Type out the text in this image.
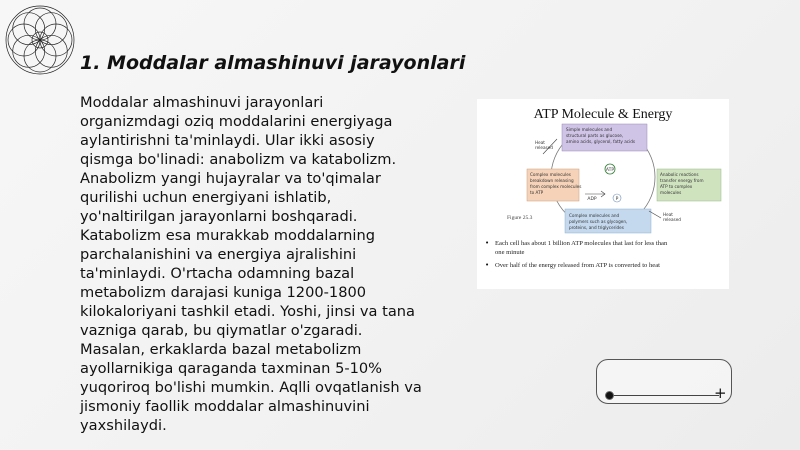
1. Moddalar almashinuvi jarayonlari
Moddalar almashinuvi jarayonlari organizmdagi oziq moddalarini energiyaga aylantirishni ta'minlaydi. Ular ikki asosiy qismga bo'linadi: anabolizm va katabolizm. Anabolizm yangi hujayralar va to'qimalar qurilishi uchun energiyani ishlatib, yo'naltirilgan jarayonlarni boshqaradi. Katabolizm esa murakkab moddalarning parchalanishini va energiya ajralishini ta'minlaydi. O'rtacha odamning bazal metabolizm darajasi kuniga 1200-1800 kilokaloriyani tashkil etadi. Yoshi, jinsi va tana vazniga qarab, bu qiymatlar o'zgaradi. Masalan, erkaklarda bazal metabolizm ayollarnikiga qaraganda taxminan 5-10% yuqoriroq bo'lishi mumkin. Aqlli ovqatlanish va jismoniy faollik moddalar almashinuvini yaxshilaydi.
ATP Molecule & Energy
Simple molecules and structural parts as glucose, amino acids, glycerol, fatty acids
Complex molecules breakdown releasing from complex molecules to ATP
Anabolic reactions transfer energy from ATP to complex molecules
Complex molecules and polymers such as glycogen, proteins, and triglycerides
ATP
ADP	P
Heat released
Heat released
Figure 25.3
• Each cell has about 1 billion ATP molecules that last for less than one minute
• Over half of the energy released from ATP is converted to heat
+
